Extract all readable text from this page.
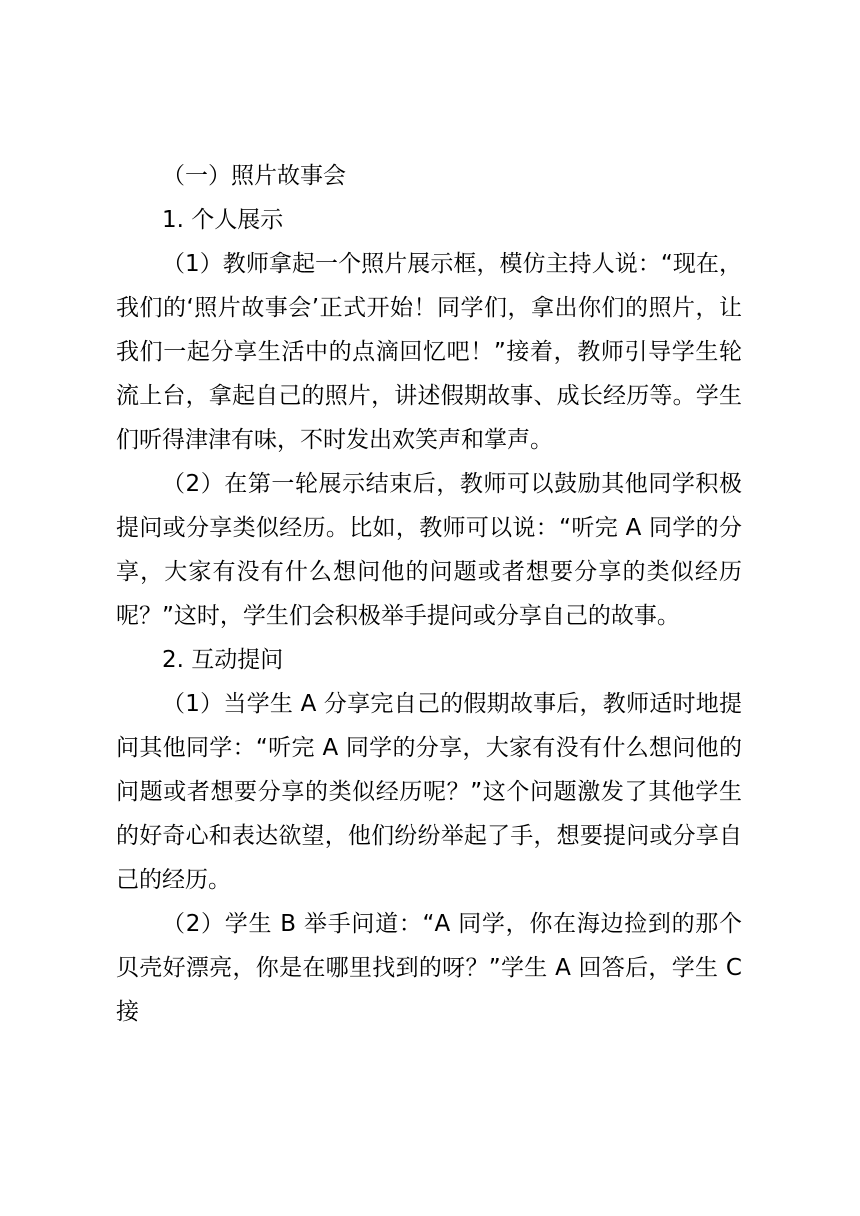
（一）照片故事会

1. 个人展示

（1）教师拿起一个照片展示框，模仿主持人说：“现在，我们的‘照片故事会’正式开始！同学们，拿出你们的照片，让我们一起分享生活中的点滴回忆吧！”接着，教师引导学生轮流上台，拿起自己的照片，讲述假期故事、成长经历等。学生们听得津津有味，不时发出欢笑声和掌声。

（2）在第一轮展示结束后，教师可以鼓励其他同学积极提问或分享类似经历。比如，教师可以说：“听完 A 同学的分享，大家有没有什么想问他的问题或者想要分享的类似经历呢？”这时，学生们会积极举手提问或分享自己的故事。

2. 互动提问

（1）当学生 A 分享完自己的假期故事后，教师适时地提问其他同学：“听完 A 同学的分享，大家有没有什么想问他的问题或者想要分享的类似经历呢？”这个问题激发了其他学生的好奇心和表达欲望，他们纷纷举起了手，想要提问或分享自己的经历。

（2）学生 B 举手问道：“A 同学，你在海边捡到的那个贝壳好漂亮，你是在哪里找到的呀？”学生 A 回答后，学生 C 接
